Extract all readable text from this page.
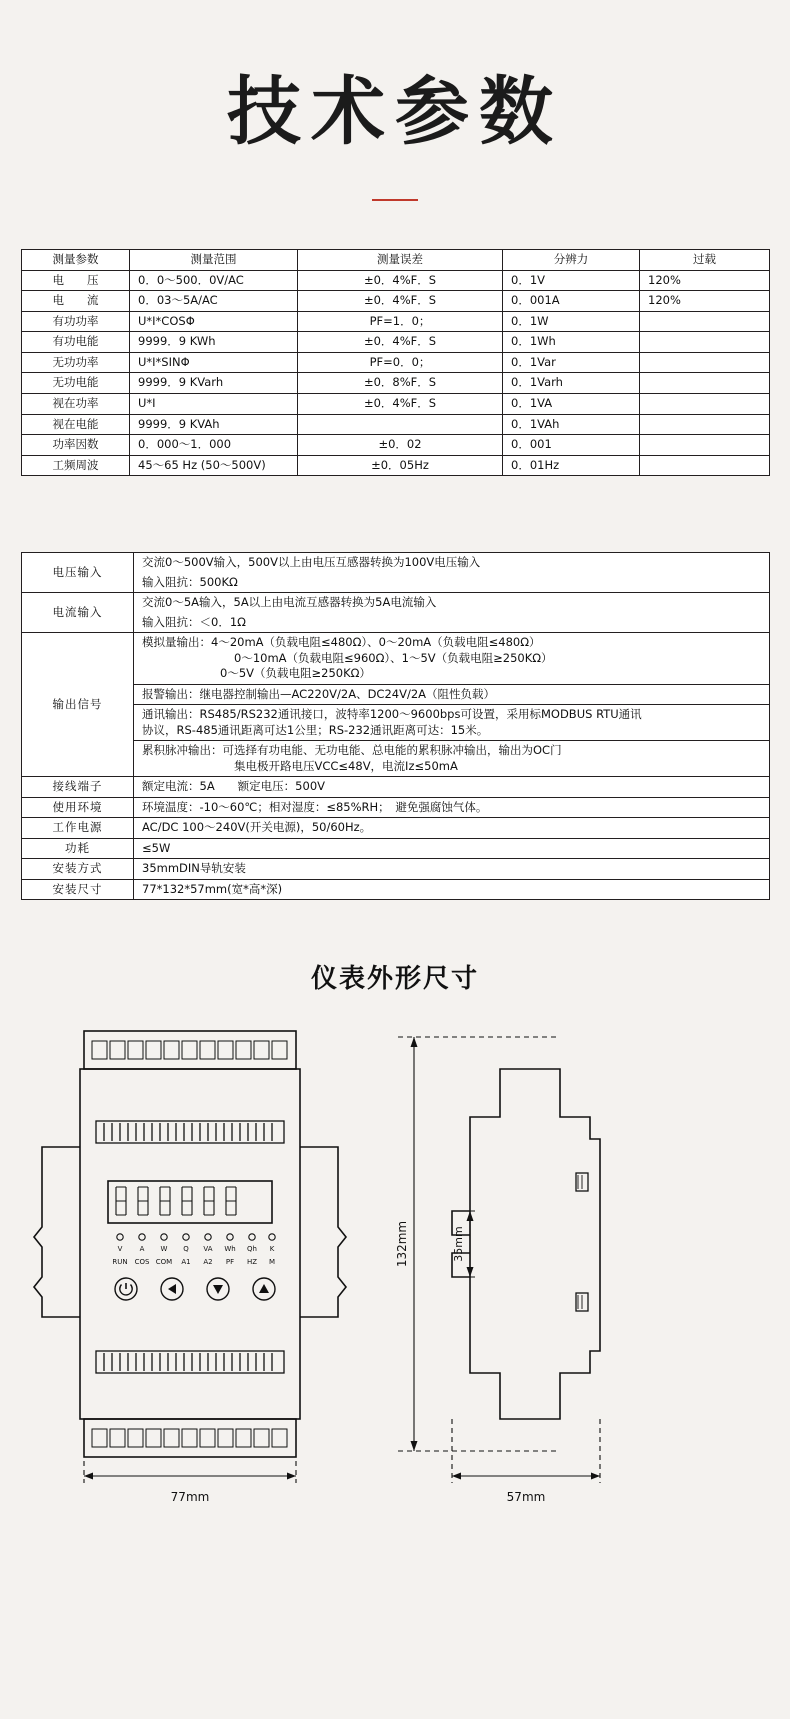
技术参数
测量参数	测量范围	测量误差	分辨力	过载
电　　压	0．0～500．0V/AC	±0．4%F．S	0．1V	120%
电　　流	0．03～5A/AC	±0．4%F．S	0．001A	120%
有功功率	U*I*COSΦ	PF=1．0；	0．1W	
有功电能	9999．9 KWh	±0．4%F．S	0．1Wh	
无功功率	U*I*SINΦ	PF=0．0；	0．1Var	
无功电能	9999．9 KVarh	±0．8%F．S	0．1Varh	
视在功率	U*I	±0．4%F．S	0．1VA	
视在电能	9999．9 KVAh		0．1VAh	
功率因数	0．000～1．000	±0．02	0．001	
工频周波	45～65 Hz (50～500V)	±0．05Hz	0．01Hz	
电压输入	交流0～500V输入，500V以上由电压互感器转换为100V电压输入
	输入阻抗：500KΩ
电流输入	交流0～5A输入，5A以上由电流互感器转换为5A电流输入
	输入阻抗：＜0．1Ω
输出信号	模拟量输出：4～20mA（负载电阻≤480Ω）、0～20mA（负载电阻≤480Ω）
0～10mA（负载电阻≤960Ω）、1～5V（负载电阻≥250KΩ）
0～5V（负载电阻≥250KΩ）

	报警输出：继电器控制输出—AC220V/2A、DC24V/2A（阻性负载）

	通讯输出：RS485/RS232通讯接口，波特率1200～9600bps可设置，采用标MODBUS RTU通讯
协议，RS-485通讯距离可达1公里；RS-232通讯距离可达：15米。

	累积脉冲输出：可选择有功电能、无功电能、总电能的累积脉冲输出，输出为OC门
集电极开路电压VCC≤48V，电流Iz≤50mA

接线端子	额定电流：5A　　额定电压：500V
使用环境	环境温度：-10～60℃；相对湿度：≤85%RH；　避免强腐蚀气体。
工作电源	AC/DC 100～240V(开关电源)，50/60Hz。
功耗	≤5W
安装方式	35mmDIN导轨安装
安装尺寸	77*132*57mm(宽*高*深)
仪表外形尺寸
V A W Q VA Wh Qh K
RUN COS COM A1 A2 PF HZ M
77mm	57mm
132mm	35mm
